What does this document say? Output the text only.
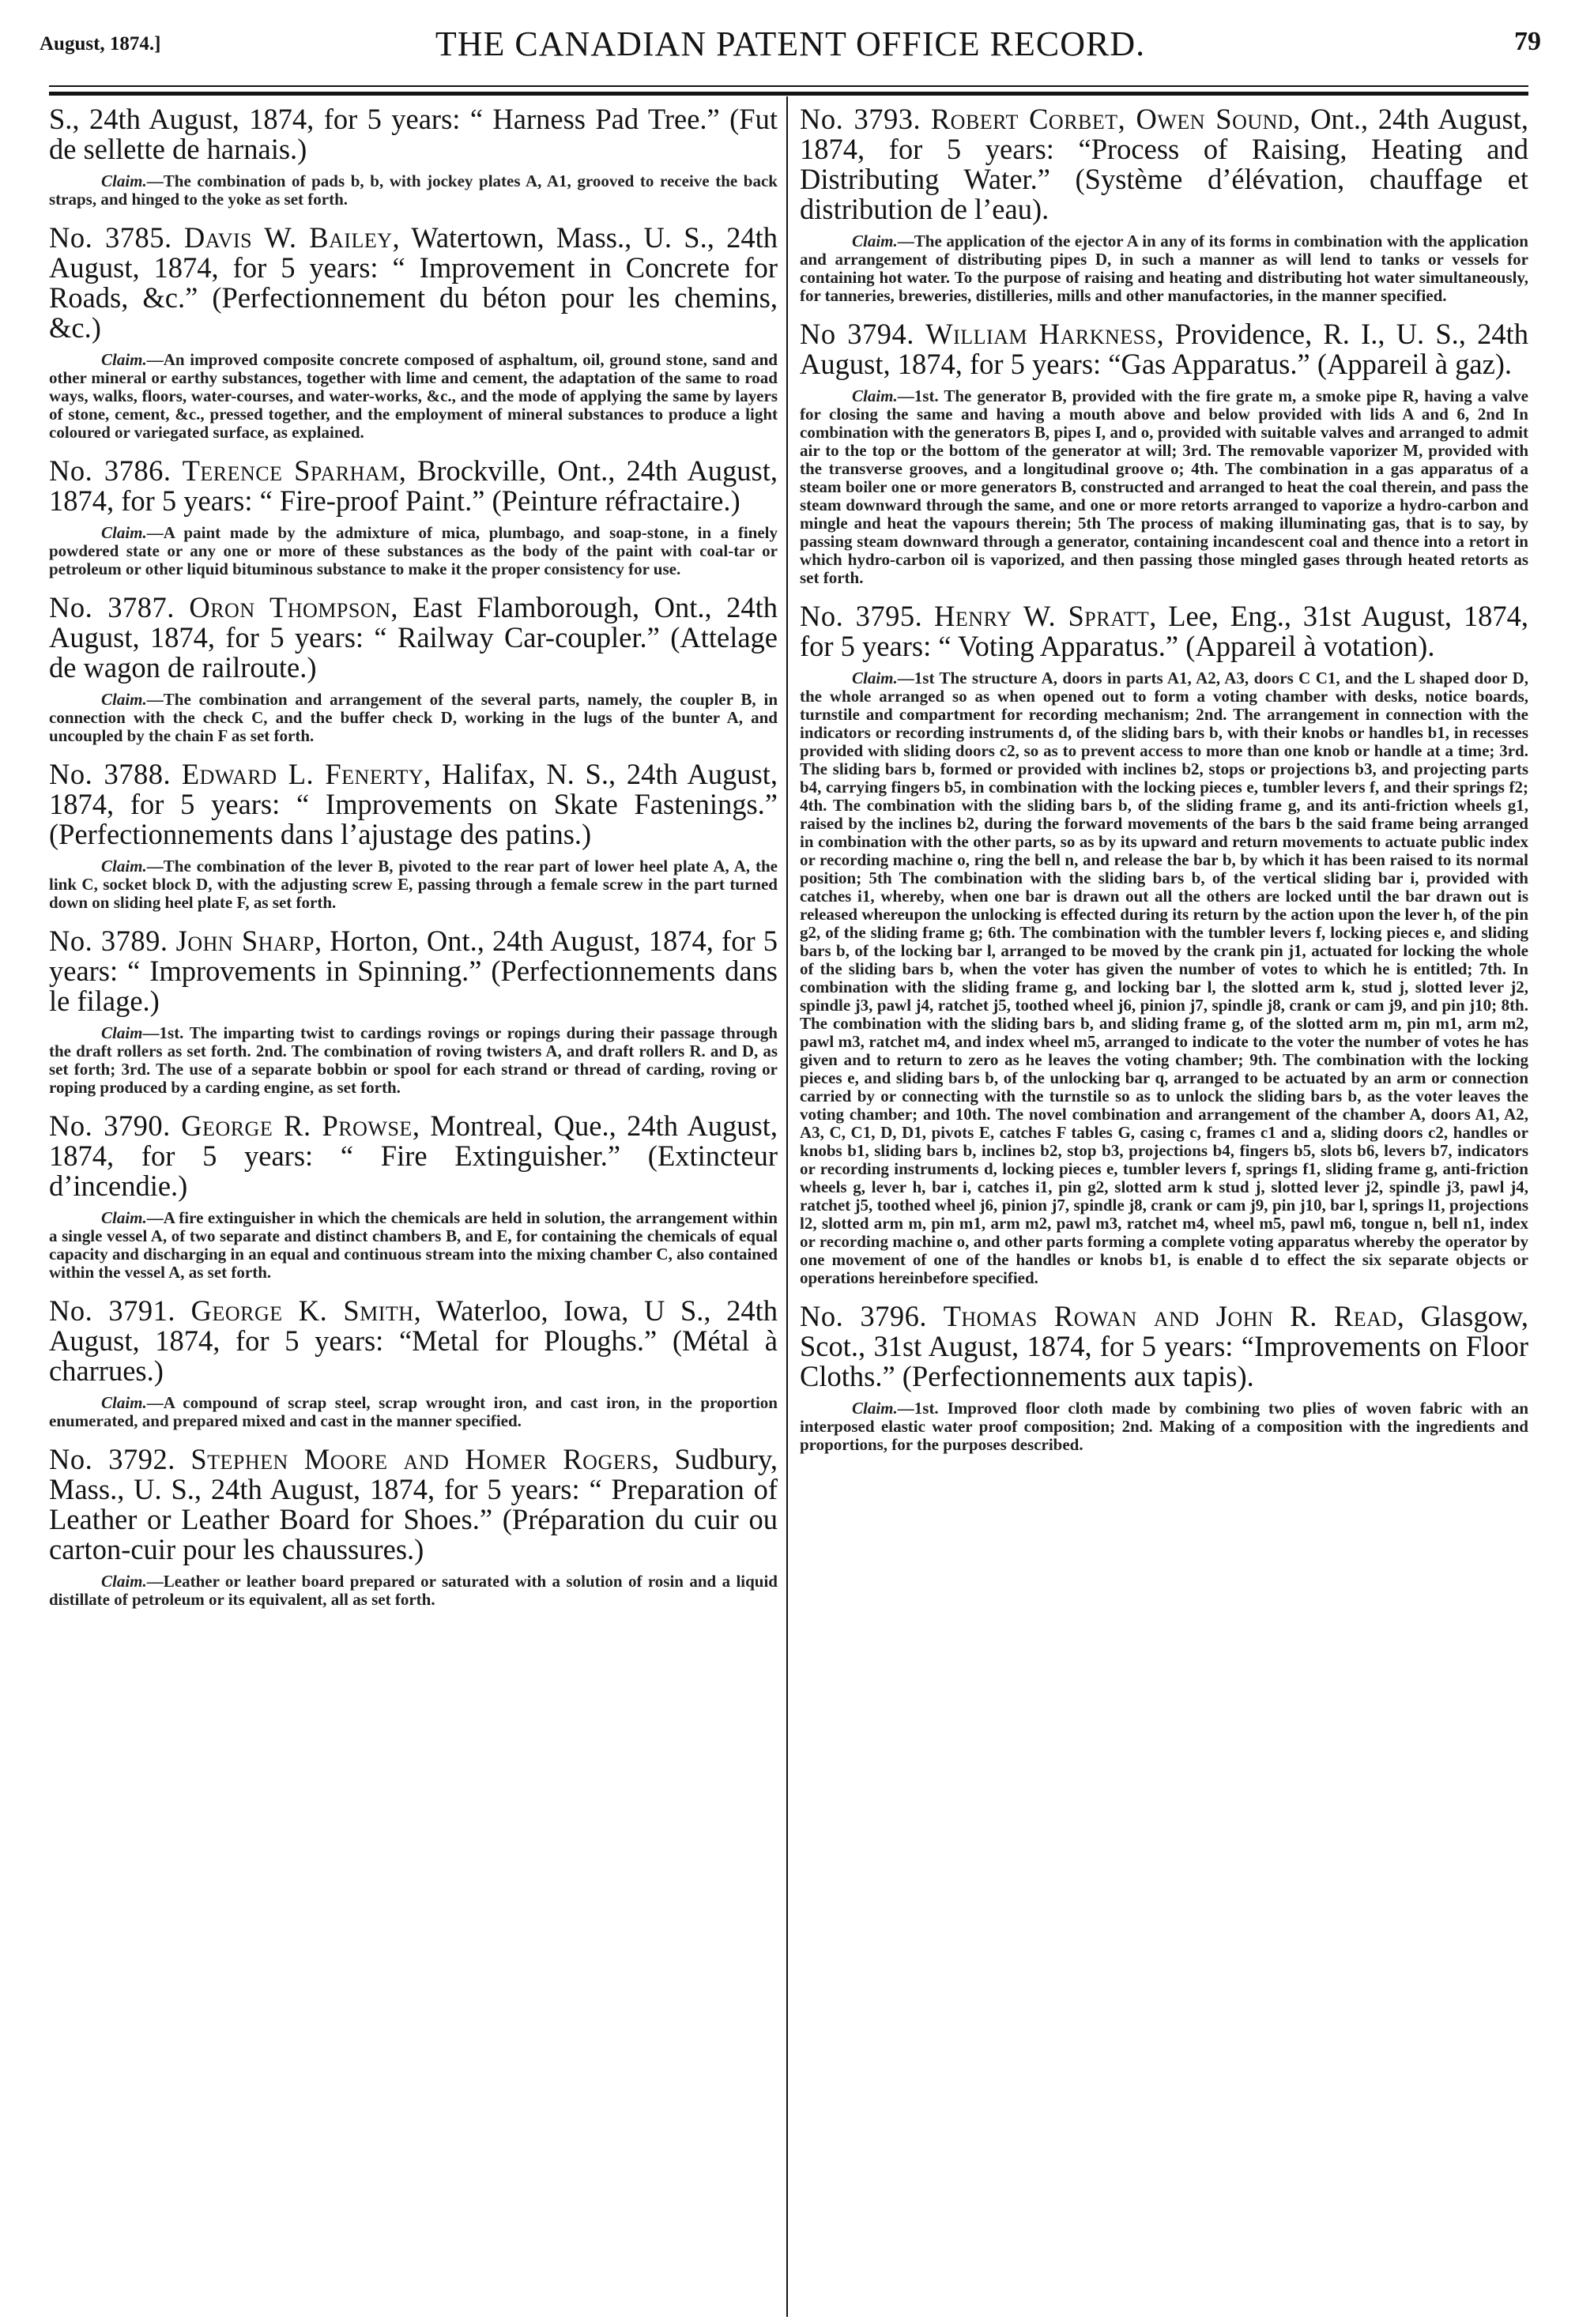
August, 1874.]	THE CANADIAN PATENT OFFICE RECORD.	79
S., 24th August, 1874, for 5 years: “ Harness Pad Tree.” (Fut de sellette de harnais.)
Claim.—The combination of pads b, b, with jockey plates A, A1, grooved to receive the back straps, and hinged to the yoke as set forth.
No. 3785. Davis W. Bailey, Watertown, Mass., U. S., 24th August, 1874, for 5 years: “ Improvement in Concrete for Roads, &c.” (Perfectionnement du béton pour les chemins, &c.)
Claim.—An improved composite concrete composed of asphaltum, oil, ground stone, sand and other mineral or earthy substances, together with lime and cement, the adaptation of the same to road ways, walks, floors, water-courses, and water-works, &c., and the mode of applying the same by layers of stone, cement, &c., pressed together, and the employment of mineral substances to produce a light coloured or variegated surface, as explained.
No. 3786. Terence Sparham, Brockville, Ont., 24th August, 1874, for 5 years: “ Fire-proof Paint.” (Peinture réfractaire.)
Claim.—A paint made by the admixture of mica, plumbago, and soap-stone, in a finely powdered state or any one or more of these substances as the body of the paint with coal-tar or petroleum or other liquid bituminous substance to make it the proper consistency for use.
No. 3787. Oron Thompson, East Flamborough, Ont., 24th August, 1874, for 5 years: “ Railway Car-coupler.” (Attelage de wagon de railroute.)
Claim.—The combination and arrangement of the several parts, namely, the coupler B, in connection with the check C, and the buffer check D, working in the lugs of the bunter A, and uncoupled by the chain F as set forth.
No. 3788. Edward L. Fenerty, Halifax, N. S., 24th August, 1874, for 5 years: “ Improvements on Skate Fastenings.” (Perfectionnements dans l’ajustage des patins.)
Claim.—The combination of the lever B, pivoted to the rear part of lower heel plate A, A, the link C, socket block D, with the adjusting screw E, passing through a female screw in the part turned down on sliding heel plate F, as set forth.
No. 3789. John Sharp, Horton, Ont., 24th August, 1874, for 5 years: “ Improvements in Spinning.” (Perfectionnements dans le filage.)
Claim—1st. The imparting twist to cardings rovings or ropings during their passage through the draft rollers as set forth. 2nd. The combination of roving twisters A, and draft rollers R. and D, as set forth; 3rd. The use of a separate bobbin or spool for each strand or thread of carding, roving or roping produced by a carding engine, as set forth.
No. 3790. George R. Prowse, Montreal, Que., 24th August, 1874, for 5 years: “ Fire Extinguisher.” (Extincteur d’incendie.)
Claim.—A fire extinguisher in which the chemicals are held in solution, the arrangement within a single vessel A, of two separate and distinct chambers B, and E, for containing the chemicals of equal capacity and discharging in an equal and continuous stream into the mixing chamber C, also contained within the vessel A, as set forth.
No. 3791. George K. Smith, Waterloo, Iowa, U S., 24th August, 1874, for 5 years: “Metal for Ploughs.” (Métal à charrues.)
Claim.—A compound of scrap steel, scrap wrought iron, and cast iron, in the proportion enumerated, and prepared mixed and cast in the manner specified.
No. 3792. Stephen Moore and Homer Rogers, Sudbury, Mass., U. S., 24th August, 1874, for 5 years: “ Preparation of Leather or Leather Board for Shoes.” (Préparation du cuir ou carton-cuir pour les chaussures.)
Claim.—Leather or leather board prepared or saturated with a solution of rosin and a liquid distillate of petroleum or its equivalent, all as set forth.
No. 3793. Robert Corbet, Owen Sound, Ont., 24th August, 1874, for 5 years: “Process of Raising, Heating and Distributing Water.” (Système d’élévation, chauffage et distribution de l’eau).
Claim.—The application of the ejector A in any of its forms in combination with the application and arrangement of distributing pipes D, in such a manner as will lend to tanks or vessels for containing hot water. To the purpose of raising and heating and distributing hot water simultaneously, for tanneries, breweries, distilleries, mills and other manufactories, in the manner specified.
No 3794. William Harkness, Providence, R. I., U. S., 24th August, 1874, for 5 years: “Gas Apparatus.” (Appareil à gaz).
Claim.—1st. The generator B, provided with the fire grate m, a smoke pipe R, having a valve for closing the same and having a mouth above and below provided with lids A and 6, 2nd In combination with the generators B, pipes I, and o, provided with suitable valves and arranged to admit air to the top or the bottom of the generator at will; 3rd. The removable vaporizer M, provided with the transverse grooves, and a longitudinal groove o; 4th. The combination in a gas apparatus of a steam boiler one or more generators B, constructed and arranged to heat the coal therein, and pass the steam downward through the same, and one or more retorts arranged to vaporize a hydro-carbon and mingle and heat the vapours therein; 5th The process of making illuminating gas, that is to say, by passing steam downward through a generator, containing incandescent coal and thence into a retort in which hydro-carbon oil is vaporized, and then passing those mingled gases through heated retorts as set forth.
No. 3795. Henry W. Spratt, Lee, Eng., 31st August, 1874, for 5 years: “ Voting Apparatus.” (Appareil à votation).
Claim.—1st The structure A, doors in parts A1, A2, A3, doors C C1, and the L shaped door D, the whole arranged so as when opened out to form a voting chamber with desks, notice boards, turnstile and compartment for recording mechanism; 2nd. The arrangement in connection with the indicators or recording instruments d, of the sliding bars b, with their knobs or handles b1, in recesses provided with sliding doors c2, so as to prevent access to more than one knob or handle at a time; 3rd. The sliding bars b, formed or provided with inclines b2, stops or projections b3, and projecting parts b4, carrying fingers b5, in combination with the locking pieces e, tumbler levers f, and their springs f2; 4th. The combination with the sliding bars b, of the sliding frame g, and its anti-friction wheels g1, raised by the inclines b2, during the forward movements of the bars b the said frame being arranged in combination with the other parts, so as by its upward and return movements to actuate public index or recording machine o, ring the bell n, and release the bar b, by which it has been raised to its normal position; 5th The combination with the sliding bars b, of the vertical sliding bar i, provided with catches i1, whereby, when one bar is drawn out all the others are locked until the bar drawn out is released whereupon the unlocking is effected during its return by the action upon the lever h, of the pin g2, of the sliding frame g; 6th. The combination with the tumbler levers f, locking pieces e, and sliding bars b, of the locking bar l, arranged to be moved by the crank pin j1, actuated for locking the whole of the sliding bars b, when the voter has given the number of votes to which he is entitled; 7th. In combination with the sliding frame g, and locking bar l, the slotted arm k, stud j, slotted lever j2, spindle j3, pawl j4, ratchet j5, toothed wheel j6, pinion j7, spindle j8, crank or cam j9, and pin j10; 8th. The combination with the sliding bars b, and sliding frame g, of the slotted arm m, pin m1, arm m2, pawl m3, ratchet m4, and index wheel m5, arranged to indicate to the voter the number of votes he has given and to return to zero as he leaves the voting chamber; 9th. The combination with the locking pieces e, and sliding bars b, of the unlocking bar q, arranged to be actuated by an arm or connection carried by or connecting with the turnstile so as to unlock the sliding bars b, as the voter leaves the voting chamber; and 10th. The novel combination and arrangement of the chamber A, doors A1, A2, A3, C, C1, D, D1, pivots E, catches F tables G, casing c, frames c1 and a, sliding doors c2, handles or knobs b1, sliding bars b, inclines b2, stop b3, projections b4, fingers b5, slots b6, levers b7, indicators or recording instruments d, locking pieces e, tumbler levers f, springs f1, sliding frame g, anti-friction wheels g, lever h, bar i, catches i1, pin g2, slotted arm k stud j, slotted lever j2, spindle j3, pawl j4, ratchet j5, toothed wheel j6, pinion j7, spindle j8, crank or cam j9, pin j10, bar l, springs l1, projections l2, slotted arm m, pin m1, arm m2, pawl m3, ratchet m4, wheel m5, pawl m6, tongue n, bell n1, index or recording machine o, and other parts forming a complete voting apparatus whereby the operator by one movement of one of the handles or knobs b1, is enable d to effect the six separate objects or operations hereinbefore specified.
No. 3796. Thomas Rowan and John R. Read, Glasgow, Scot., 31st August, 1874, for 5 years: “Improvements on Floor Cloths.” (Perfectionnements aux tapis).
Claim.—1st. Improved floor cloth made by combining two plies of woven fabric with an interposed elastic water proof composition; 2nd. Making of a composition with the ingredients and proportions, for the purposes described.
